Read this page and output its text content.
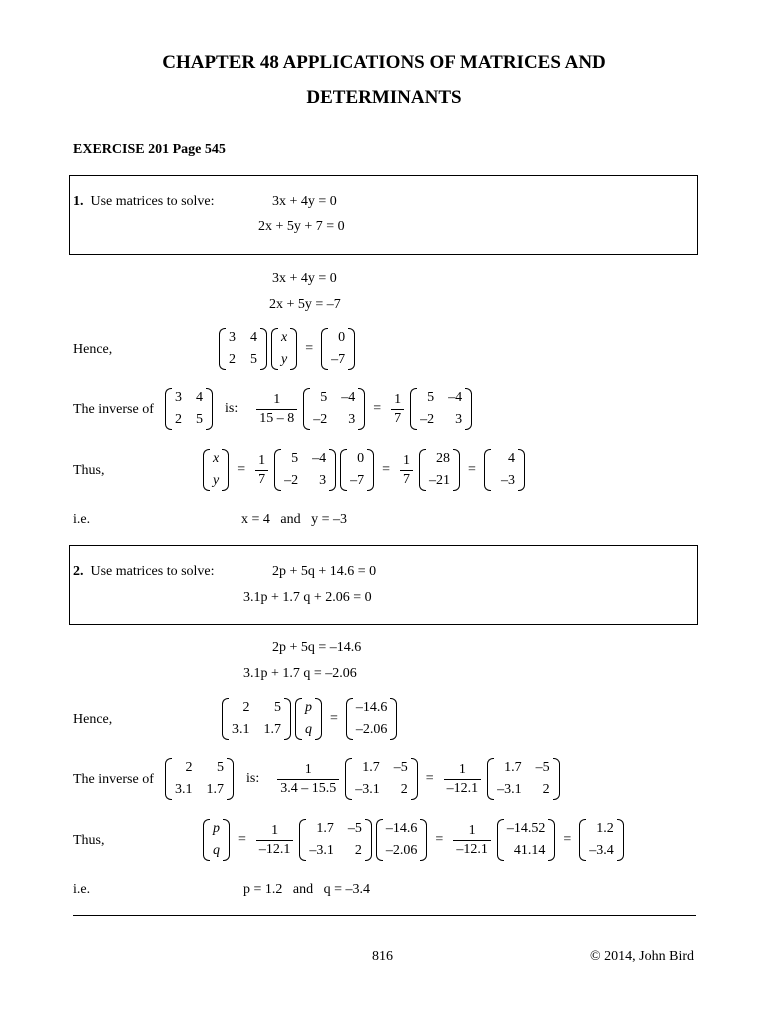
CHAPTER 48 APPLICATIONS OF MATRICES AND
DETERMINANTS
EXERCISE 201 Page 545
1. Use matrices to solve:	3x + 4y = 0
2x + 5y + 7 = 0
3x + 4y = 0
2x + 5y = –7
Hence,
3 4
2 5

x
y
=
0
–7
The inverse of
3 4
2 5
is: $\frac{1}{15 - 8}$
	5 –4
–2	3
= $\frac{1}{7}$
	5 –4
–2	3
Thus,
x
y
= $\frac{1}{7}$
	5 –4
–2	3

0
–7
= $\frac{1}{7}$
	28
–21
=
4
–3
i.e.	x = 4   and   y = –3
2. Use matrices to solve:	2p + 5q + 14.6 = 0
3.1p + 1.7 q + 2.06 = 0
2p + 5q = –14.6
3.1p + 1.7 q = –2.06
Hence,
2	5
3.1 1.7

p
q
=
–14.6
–2.06
The inverse of
2	5
3.1 1.7
is: $\frac{1}{3.4 - 15.5}$
	1.7 –5
–3.1	2
= $\frac{1}{-12.1}$
	1.7 –5
–3.1	2
Thus,
p
q
= $\frac{1}{-12.1}$
	1.7 –5
–3.1	2

–14.6
–2.06
= $\frac{1}{-12.1}$
–14.52
41.14
=
1.2
–3.4
i.e.	p = 1.2   and   q = –3.4
816	© 2014, John Bird
